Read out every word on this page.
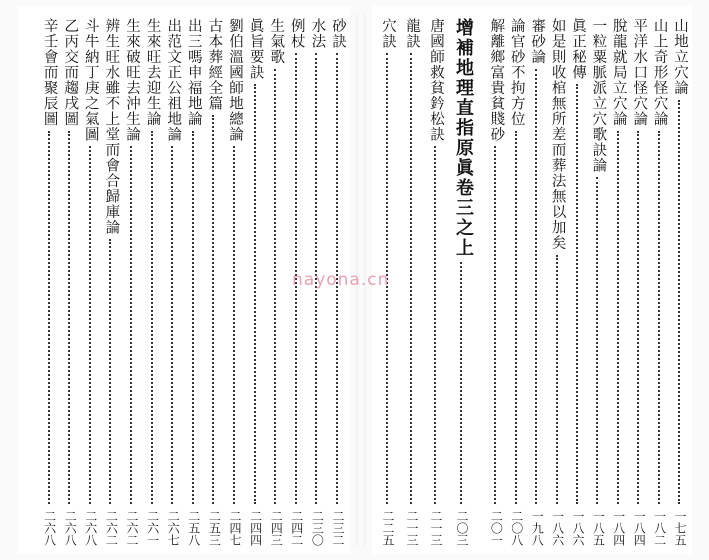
砂訣
二三二
水法
二三〇
例杖
二四二
生氣歌
二四三
眞旨要訣
二四四
劉伯溫國師地總論
二四七
古本葬經全篇
二五三
出三嗎申福地論
二五八
出范文正公祖地論
二六七
生來旺去迎生論
二六一
生來破旺去沖生論
二六二
辨生旺水雖不上堂而會合歸庫論
二六二
斗牛納丁庚之氣圖
二六八
乙丙交而趨戌圖
二六八
辛壬會而聚辰圖
二六八
山地立穴論
一七五
山上奇形怪穴論
一八二
平洋水口怪穴論
一八四
脫龍就局立穴論
一八四
一粒粟脈派立穴歌訣論
一八五
眞正秘傳
一八六
如是則收棺無所差而葬法無以加矣
一八六
審砂論
一九八
論官砂不拘方位
二〇八
解離鄉富貴貧賤砂
二〇一
增補地理直指原眞卷三之上
二〇三
唐國師救貧鈐松訣
二一三
龍訣
二一三
穴訣
二二五
nayona.cn
